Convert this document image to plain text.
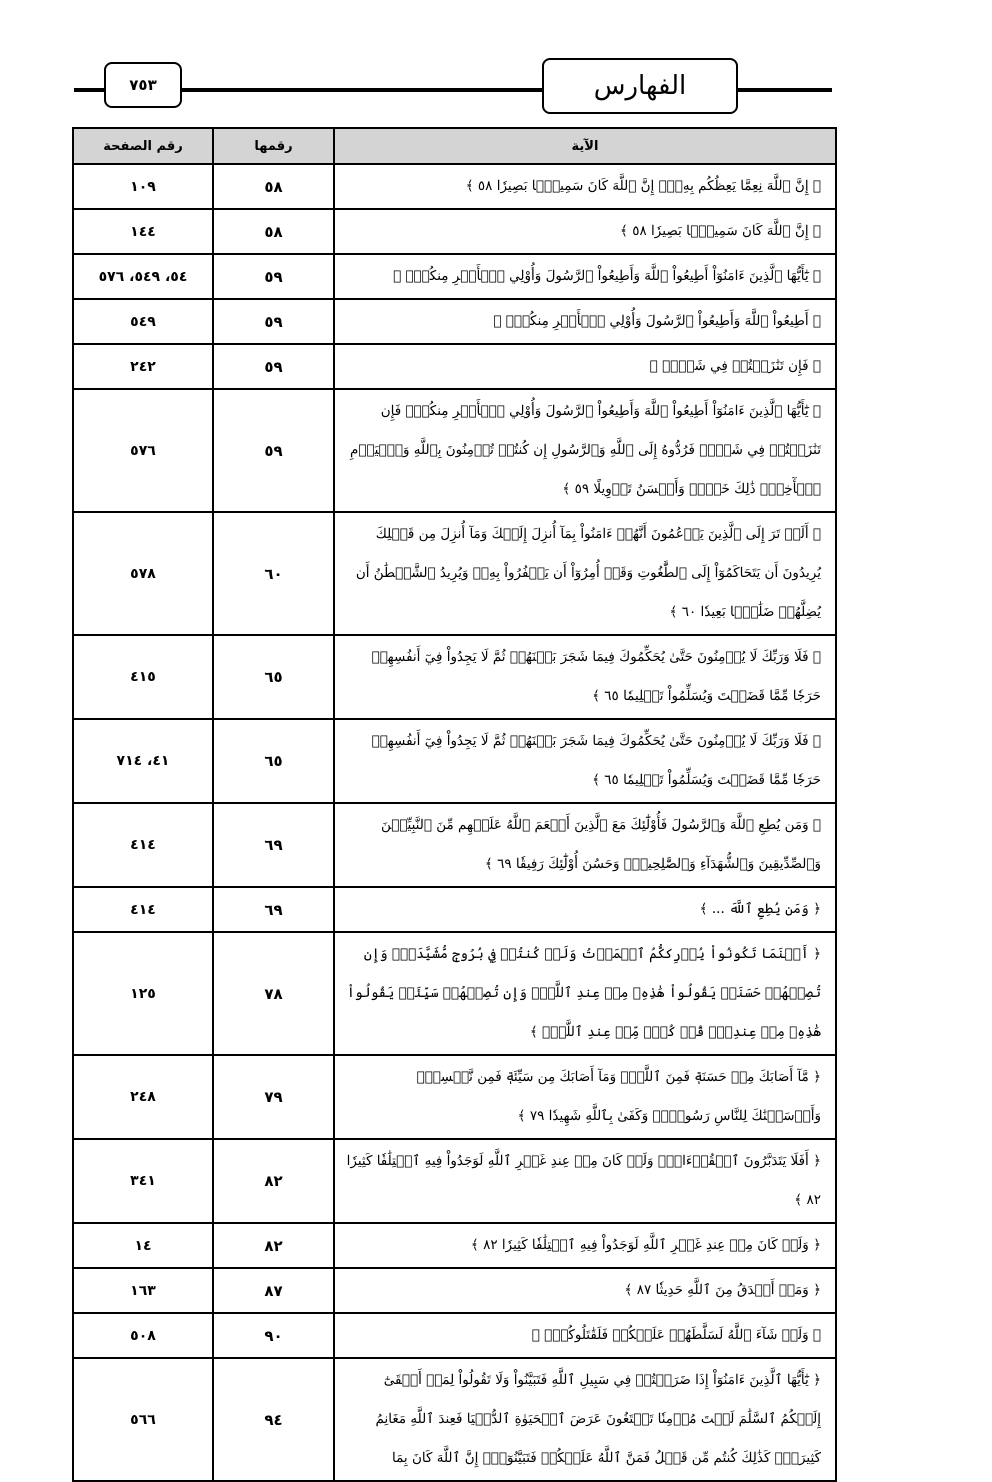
٧٥٣	الفهارس
الآية	رقمها	رقم الصفحة
﴿ إِنَّ ٱللَّهَ نِعِمَّا يَعِظُكُم بِهِۦٓۗ إِنَّ ٱللَّهَ كَانَ سَمِيعَۢا بَصِيرٗا ٥٨ ﴾	٥٨	١٠٩
﴿ إِنَّ ٱللَّهَ كَانَ سَمِيعَۢا بَصِيرٗا ٥٨ ﴾	٥٨	١٤٤
﴿ يَٰٓأَيُّهَا ٱلَّذِينَ ءَامَنُوٓاْ أَطِيعُواْ ٱللَّهَ وَأَطِيعُواْ ٱلرَّسُولَ وَأُوْلِي ٱلۡأَمۡرِ مِنكُمۡۖ ﴾	٥٩	٥٤، ٥٤٩، ٥٧٦
﴿ أَطِيعُواْ ٱللَّهَ وَأَطِيعُواْ ٱلرَّسُولَ وَأُوْلِي ٱلۡأَمۡرِ مِنكُمۡۖ ﴾	٥٩	٥٤٩
﴿ فَإِن تَنَٰزَعۡتُمۡ فِي شَيۡءٖ ﴾	٥٩	٢٤٢
﴿ يَٰٓأَيُّهَا ٱلَّذِينَ ءَامَنُوٓاْ أَطِيعُواْ ٱللَّهَ وَأَطِيعُواْ ٱلرَّسُولَ وَأُوْلِي ٱلۡأَمۡرِ مِنكُمۡۖ فَإِن تَنَٰزَعۡتُمۡ فِي شَيۡءٖ فَرُدُّوهُ إِلَى ٱللَّهِ وَٱلرَّسُولِ إِن كُنتُمۡ تُؤۡمِنُونَ بِٱللَّهِ وَٱلۡيَوۡمِ ٱلۡأٓخِرِۚ ذَٰلِكَ خَيۡرٞ وَأَحۡسَنُ تَأۡوِيلًا ٥٩ ﴾	٥٩	٥٧٦
﴿ أَلَمۡ تَرَ إِلَى ٱلَّذِينَ يَزۡعُمُونَ أَنَّهُمۡ ءَامَنُواْ بِمَآ أُنزِلَ إِلَيۡكَ وَمَآ أُنزِلَ مِن قَبۡلِكَ يُرِيدُونَ أَن يَتَحَاكَمُوٓاْ إِلَى ٱلطَّٰغُوتِ وَقَدۡ أُمِرُوٓاْ أَن يَكۡفُرُواْ بِهِۦۖ وَيُرِيدُ ٱلشَّيۡطَٰنُ أَن يُضِلَّهُمۡ ضَلَٰلَۢا بَعِيدٗا ٦٠ ﴾	٦٠	٥٧٨
﴿ فَلَا وَرَبِّكَ لَا يُؤۡمِنُونَ حَتَّىٰ يُحَكِّمُوكَ فِيمَا شَجَرَ بَيۡنَهُمۡ ثُمَّ لَا يَجِدُواْ فِيٓ أَنفُسِهِمۡ حَرَجٗا مِّمَّا قَضَيۡتَ وَيُسَلِّمُواْ تَسۡلِيمٗا ٦٥ ﴾	٦٥	٤١٥
﴿ فَلَا وَرَبِّكَ لَا يُؤۡمِنُونَ حَتَّىٰ يُحَكِّمُوكَ فِيمَا شَجَرَ بَيۡنَهُمۡ ثُمَّ لَا يَجِدُواْ فِيٓ أَنفُسِهِمۡ حَرَجٗا مِّمَّا قَضَيۡتَ وَيُسَلِّمُواْ تَسۡلِيمٗا ٦٥ ﴾	٦٥	٤١، ٧١٤
﴿ وَمَن يُطِعِ ٱللَّهَ وَٱلرَّسُولَ فَأُوْلَٰٓئِكَ مَعَ ٱلَّذِينَ أَنۡعَمَ ٱللَّهُ عَلَيۡهِم مِّنَ ٱلنَّبِيِّـۧنَ وَٱلصِّدِّيقِينَ وَٱلشُّهَدَآءِ وَٱلصَّٰلِحِينَۚ وَحَسُنَ أُوْلَٰٓئِكَ رَفِيقٗا ٦٩ ﴾	٦٩	٤١٤
﴿ وَمَن يُطِعِ ٱللَّهَ ... ﴾	٦٩	٤١٤
﴿ أَيۡنَمَا تَكُونُواْ يُدۡرِككُّمُ ٱلۡمَوۡتُ وَلَوۡ كُنتُمۡ فِي بُرُوجٖ مُّشَيَّدَةٖۗ وَإِن تُصِبۡهُمۡ حَسَنَةٞ يَقُولُواْ هَٰذِهِۦ مِنۡ عِندِ ٱللَّهِۖ وَإِن تُصِبۡهُمۡ سَيِّئَةٞ يَقُولُواْ هَٰذِهِۦ مِنۡ عِندِكَۚ قُلۡ كُلّٞ مِّنۡ عِندِ ٱللَّهِۖ ﴾	٧٨	١٢٥
﴿ مَّآ أَصَابَكَ مِنۡ حَسَنَةٖ فَمِنَ ٱللَّهِۖ وَمَآ أَصَابَكَ مِن سَيِّئَةٖ فَمِن نَّفۡسِكَۚ وَأَرۡسَلۡنَٰكَ لِلنَّاسِ رَسُولٗاۚ وَكَفَىٰ بِٱللَّهِ شَهِيدٗا ٧٩ ﴾	٧٩	٢٤٨
﴿ أَفَلَا يَتَدَبَّرُونَ ٱلۡقُرۡءَانَۚ وَلَوۡ كَانَ مِنۡ عِندِ غَيۡرِ ٱللَّهِ لَوَجَدُواْ فِيهِ ٱخۡتِلَٰفٗا كَثِيرٗا ٨٢ ﴾	٨٢	٣٤١
﴿ وَلَوۡ كَانَ مِنۡ عِندِ غَيۡرِ ٱللَّهِ لَوَجَدُواْ فِيهِ ٱخۡتِلَٰفٗا كَثِيرٗا ٨٢ ﴾	٨٢	١٤
﴿ وَمَنۡ أَصۡدَقُ مِنَ ٱللَّهِ حَدِيثٗا ٨٧ ﴾	٨٧	١٦٣
﴿ وَلَوۡ شَآءَ ٱللَّهُ لَسَلَّطَهُمۡ عَلَيۡكُمۡ فَلَقَٰتَلُوكُمۡۚ ﴾	٩٠	٥٠٨
﴿ يَٰٓأَيُّهَا ٱلَّذِينَ ءَامَنُوٓاْ إِذَا ضَرَبۡتُمۡ فِي سَبِيلِ ٱللَّهِ فَتَبَيَّنُواْ وَلَا تَقُولُواْ لِمَنۡ أَلۡقَىٰٓ إِلَيۡكُمُ ٱلسَّلَٰمَ لَسۡتَ مُؤۡمِنٗا تَبۡتَغُونَ عَرَضَ ٱلۡحَيَوٰةِ ٱلدُّنۡيَا فَعِندَ ٱللَّهِ مَغَانِمُ كَثِيرَةٞۚ كَذَٰلِكَ كُنتُم مِّن قَبۡلُ فَمَنَّ ٱللَّهُ عَلَيۡكُمۡ فَتَبَيَّنُوٓاْۚ إِنَّ ٱللَّهَ كَانَ بِمَا	٩٤	٥٦٦
